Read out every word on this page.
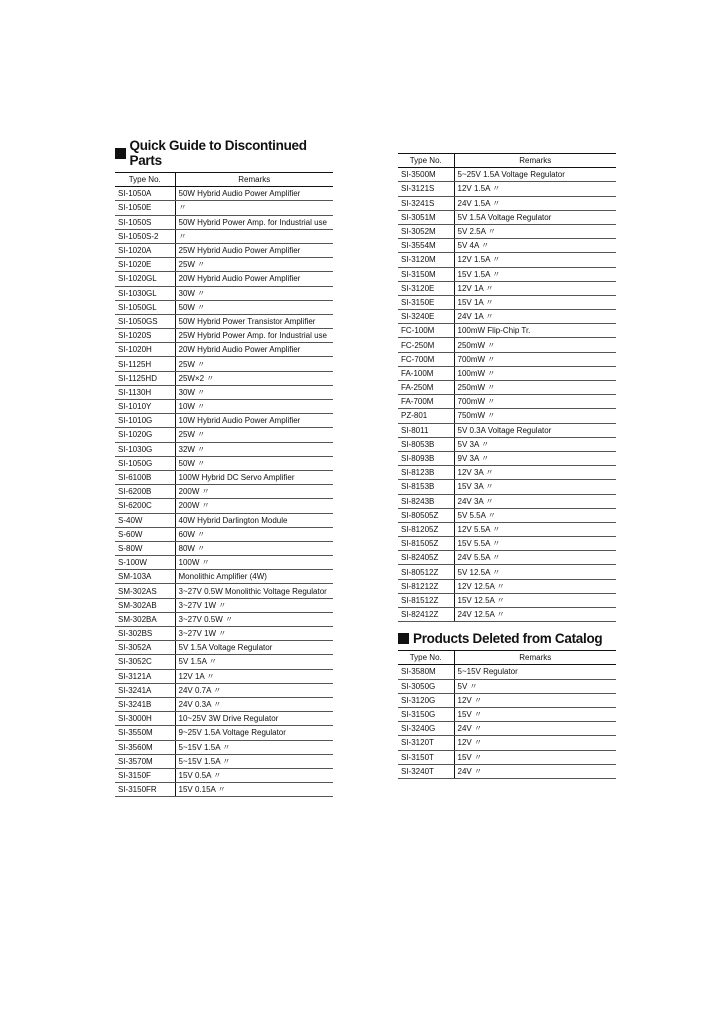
Quick Guide to Discontinued Parts
Type No.	Remarks
SI-1050A	50W Hybrid Audio Power Amplifier
SI-1050E	〃
SI-1050S	50W Hybrid Power Amp. for Industrial use
SI-1050S-2	〃
SI-1020A	25W Hybrid Audio Power Amplifier
SI-1020E	25W 〃
SI-1020GL	20W Hybrid Audio Power Amplifier
SI-1030GL	30W 〃
SI-1050GL	50W 〃
SI-1050GS	50W Hybrid Power Transistor Amplifier
SI-1020S	25W Hybrid Power Amp. for Industrial use
SI-1020H	20W Hybrid Audio Power Amplifier
SI-1125H	25W 〃
SI-1125HD	25W×2 〃
SI-1130H	30W 〃
SI-1010Y	10W 〃
SI-1010G	10W Hybrid Audio Power Amplifier
SI-1020G	25W 〃
SI-1030G	32W 〃
SI-1050G	50W 〃
SI-6100B	100W Hybrid DC Servo Amplifier
SI-6200B	200W 〃
SI-6200C	200W 〃
S-40W	40W Hybrid Darlington Module
S-60W	60W 〃
S-80W	80W 〃
S-100W	100W 〃
SM-103A	Monolithic Amplifier (4W)
SM-302AS	3~27V 0.5W Monolithic Voltage Regulator
SM-302AB	3~27V 1W 〃
SM-302BA	3~27V 0.5W 〃
SI-302BS	3~27V 1W 〃
SI-3052A	5V 1.5A Voltage Regulator
SI-3052C	5V 1.5A 〃
SI-3121A	12V 1A 〃
SI-3241A	24V 0.7A 〃
SI-3241B	24V 0.3A 〃
SI-3000H	10~25V 3W Drive Regulator
SI-3550M	9~25V 1.5A Voltage Regulator
SI-3560M	5~15V 1.5A 〃
SI-3570M	5~15V 1.5A 〃
SI-3150F	15V 0.5A 〃
SI-3150FR	15V 0.15A 〃
Type No.	Remarks
SI-3500M	5~25V 1.5A Voltage Regulator
SI-3121S	12V 1.5A 〃
SI-3241S	24V 1.5A 〃
SI-3051M	5V 1.5A Voltage Regulator
SI-3052M	5V 2.5A 〃
SI-3554M	5V 4A 〃
SI-3120M	12V 1.5A 〃
SI-3150M	15V 1.5A 〃
SI-3120E	12V 1A 〃
SI-3150E	15V 1A 〃
SI-3240E	24V 1A 〃
FC-100M	100mW Flip-Chip Tr.
FC-250M	250mW 〃
FC-700M	700mW 〃
FA-100M	100mW 〃
FA-250M	250mW 〃
FA-700M	700mW 〃
PZ-801	750mW 〃
SI-8011	5V 0.3A Voltage Regulator
SI-8053B	5V 3A 〃
SI-8093B	9V 3A 〃
SI-8123B	12V 3A 〃
SI-8153B	15V 3A 〃
SI-8243B	24V 3A 〃
SI-80505Z	5V 5.5A 〃
SI-81205Z	12V 5.5A 〃
SI-81505Z	15V 5.5A 〃
SI-82405Z	24V 5.5A 〃
SI-80512Z	5V 12.5A 〃
SI-81212Z	12V 12.5A 〃
SI-81512Z	15V 12.5A 〃
SI-82412Z	24V 12.5A 〃
Products Deleted from Catalog
Type No.	Remarks
SI-3580M	5~15V Regulator
SI-3050G	5V 〃
SI-3120G	12V 〃
SI-3150G	15V 〃
SI-3240G	24V 〃
SI-3120T	12V 〃
SI-3150T	15V 〃
SI-3240T	24V 〃
